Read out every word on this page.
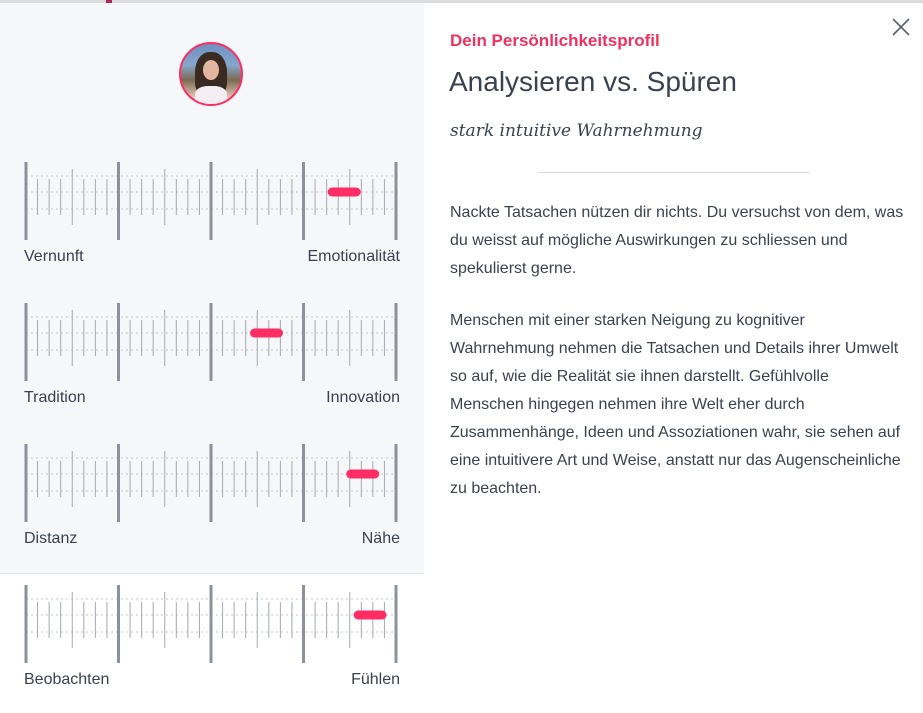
Vernunft	Emotionalität
Tradition	Innovation
Distanz	Nähe
Beobachten	Fühlen
Dein Persönlichkeitsprofil
Analysieren vs. Spüren
stark intuitive Wahrnehmung
Nackte Tatsachen nützen dir nichts. Du versuchst von dem, was du weisst auf mögliche Auswirkungen zu schliessen und spekulierst gerne.
Menschen mit einer starken Neigung zu kognitiver Wahrnehmung nehmen die Tatsachen und Details ihrer Umwelt so auf, wie die Realität sie ihnen darstellt. Gefühlvolle Menschen hingegen nehmen ihre Welt eher durch Zusammenhänge, Ideen und Assoziationen wahr, sie sehen auf eine intuitivere Art und Weise, anstatt nur das Augenscheinliche zu beachten.
